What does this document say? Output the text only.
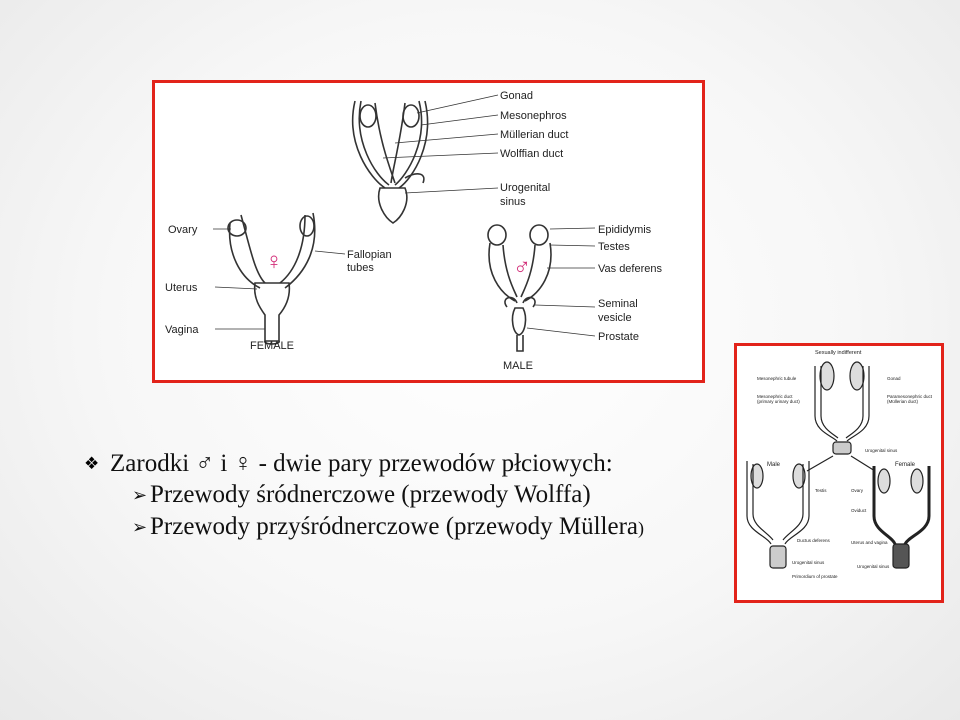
♀	♂
Gonad
Mesonephros
Müllerian duct
Wolffian duct
Urogenital
sinus
Ovary
Fallopian
tubes
Uterus
Vagina
FEMALE
Epididymis
Testes
Vas deferens
Seminal
vesicle
Prostate
MALE
Sexually indifferent
Mesonephric tubule	Gonad
Mesonephric duct
(primary urinary duct)
Paramesonephric duct
(Müllerian duct)
Urogenital sinus
Male	Female
Testis	Ovary
Oviduct
Ductus deferens	Uterus and vagina
Urogenital sinus
Urogenital sinus
Primordium of prostate
❖ Zarodki ♂ i ♀ - dwie pary przewodów płciowych:
➢ Przewody śródnerczowe (przewody Wolffa)
➢ Przewody przyśródnerczowe (przewody Müllera)
